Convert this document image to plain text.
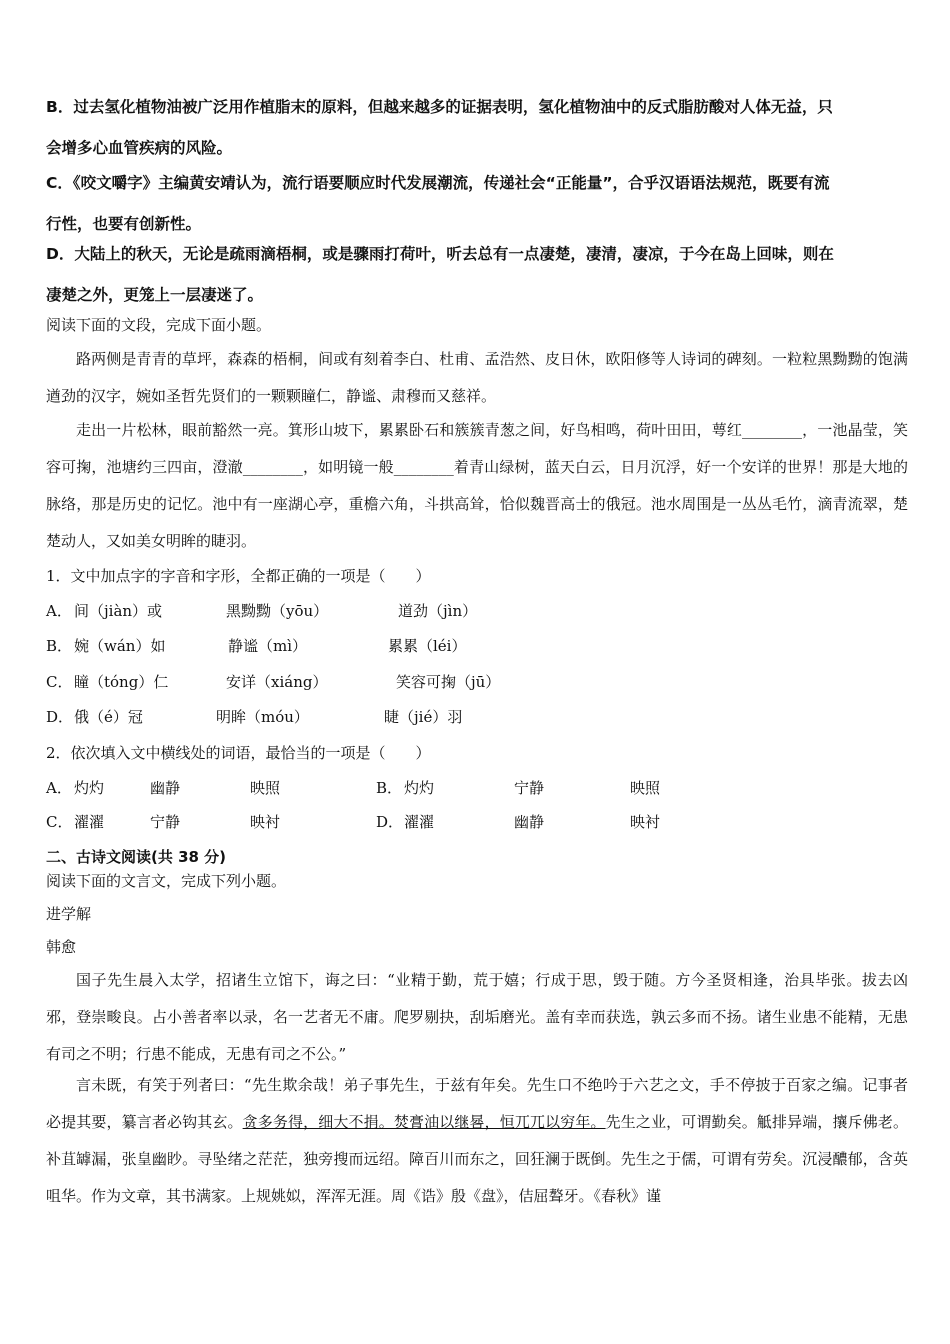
B．过去氢化植物油被广泛用作植脂末的原料，但越来越多的证据表明，氢化植物油中的反式脂肪酸对人体无益，只

会增多心血管疾病的风险。

C．《咬文嚼字》主编黄安靖认为，流行语要顺应时代发展潮流，传递社会“正能量”，合乎汉语语法规范，既要有流

行性，也要有创新性。

D．大陆上的秋天，无论是疏雨滴梧桐，或是骤雨打荷叶，听去总有一点凄楚，凄清，凄凉，于今在岛上回味，则在

凄楚之外，更笼上一层凄迷了。

阅读下面的文段，完成下面小题。

路两侧是青青的草坪，森森的梧桐，间或有刻着李白、杜甫、孟浩然、皮日休，欧阳修等人诗词的碑刻。一粒粒黑黝黝的饱满遒劲的汉字，婉如圣哲先贤们的一颗颗瞳仁，静谧、肃穆而又慈祥。

走出一片松林，眼前豁然一亮。箕形山坡下，累累卧石和簇簇青葱之间，好鸟相鸣，荷叶田田，萼红________，一池晶莹，笑容可掬，池塘约三四亩，澄澈________，如明镜一般________着青山绿树，蓝天白云，日月沉浮，好一个安详的世界！那是大地的脉络，那是历史的记忆。池中有一座湖心亭，重檐六角，斗拱高耸，恰似魏晋高士的俄冠。池水周围是一丛丛毛竹，滴青流翠，楚楚动人，又如美女明眸的睫羽。

1．文中加点字的字音和字形，全都正确的一项是（　　）

A． 间（jiàn）或	黑黝黝（yōu）	道劲（jìn）
B． 婉（wán）如	静谧（mì）	累累（léi）
C． 瞳（tóng）仁	安详（xiáng）	笑容可掬（jū）
D． 俄（é）冠	明眸（móu）	睫（jié）羽

2．依次填入文中横线处的词语，最恰当的一项是（　　）

A． 灼灼	幽静	映照	B． 灼灼	宁静	映照
C． 濯濯	宁静	映衬	D． 濯濯	幽静	映衬

二、古诗文阅读(共 38 分)

阅读下面的文言文，完成下列小题。

进学解

韩愈

国子先生晨入太学，招诸生立馆下，诲之曰：“业精于勤，荒于嬉；行成于思，毁于随。方今圣贤相逢，治具毕张。拔去凶邪，登崇畯良。占小善者率以录，名一艺者无不庸。爬罗剔抉，刮垢磨光。盖有幸而获选，孰云多而不扬。诸生业患不能精，无患有司之不明；行患不能成，无患有司之不公。”

言未既，有笑于列者曰：“先生欺余哉！弟子事先生，于兹有年矣。先生口不绝吟于六艺之文，手不停披于百家之编。记事者必提其要，纂言者必钩其玄。贪多务得，细大不捐。焚膏油以继晷，恒兀兀以穷年。先生之业，可谓勤矣。觝排异端，攘斥佛老。补苴罅漏，张皇幽眇。寻坠绪之茫茫，独旁搜而远绍。障百川而东之，回狂澜于既倒。先生之于儒，可谓有劳矣。沉浸醲郁，含英咀华。作为文章，其书满家。上规姚姒，浑浑无涯。周《诰》殷《盘》，佶屈聱牙。《春秋》谨
